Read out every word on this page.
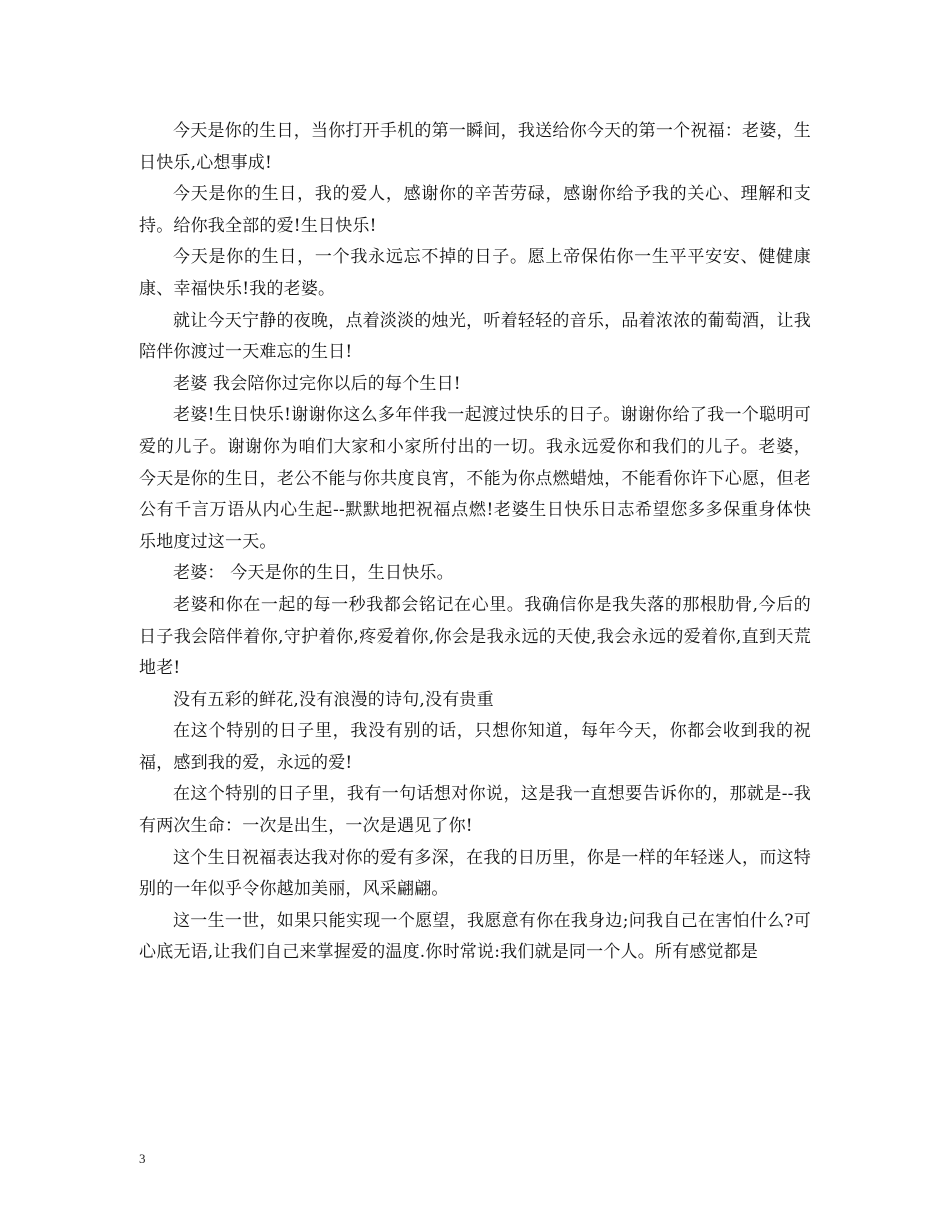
今天是你的生日，当你打开手机的第一瞬间，我送给你今天的第一个祝福：老婆，生日快乐,心想事成!

今天是你的生日，我的爱人，感谢你的辛苦劳碌，感谢你给予我的关心、理解和支持。给你我全部的爱!生日快乐!

今天是你的生日，一个我永远忘不掉的日子。愿上帝保佑你一生平平安安、健健康康、幸福快乐!我的老婆。

就让今天宁静的夜晚，点着淡淡的烛光，听着轻轻的音乐，品着浓浓的葡萄酒，让我陪伴你渡过一天难忘的生日!

老婆 我会陪你过完你以后的每个生日!

老婆!生日快乐!谢谢你这么多年伴我一起渡过快乐的日子。谢谢你给了我一个聪明可爱的儿子。谢谢你为咱们大家和小家所付出的一切。我永远爱你和我们的儿子。老婆， 今天是你的生日，老公不能与你共度良宵，不能为你点燃蜡烛，不能看你许下心愿，但老公有千言万语从内心生起--默默地把祝福点燃!老婆生日快乐日志希望您多多保重身体快乐地度过这一天。

老婆： 今天是你的生日，生日快乐。

老婆和你在一起的每一秒我都会铭记在心里。我确信你是我失落的那根肋骨,今后的日子我会陪伴着你,守护着你,疼爱着你,你会是我永远的天使,我会永远的爱着你,直到天荒地老!

没有五彩的鲜花,没有浪漫的诗句,没有贵重

在这个特别的日子里，我没有别的话，只想你知道，每年今天，你都会收到我的祝福，感到我的爱，永远的爱!

在这个特别的日子里，我有一句话想对你说，这是我一直想要告诉你的，那就是--我有两次生命：一次是出生，一次是遇见了你!

这个生日祝福表达我对你的爱有多深，在我的日历里，你是一样的年轻迷人，而这特别的一年似乎令你越加美丽，风采翩翩。

这一生一世，如果只能实现一个愿望，我愿意有你在我身边;问我自己在害怕什么?可心底无语,让我们自己来掌握爱的温度.你时常说:我们就是同一个人。所有感觉都是

3
